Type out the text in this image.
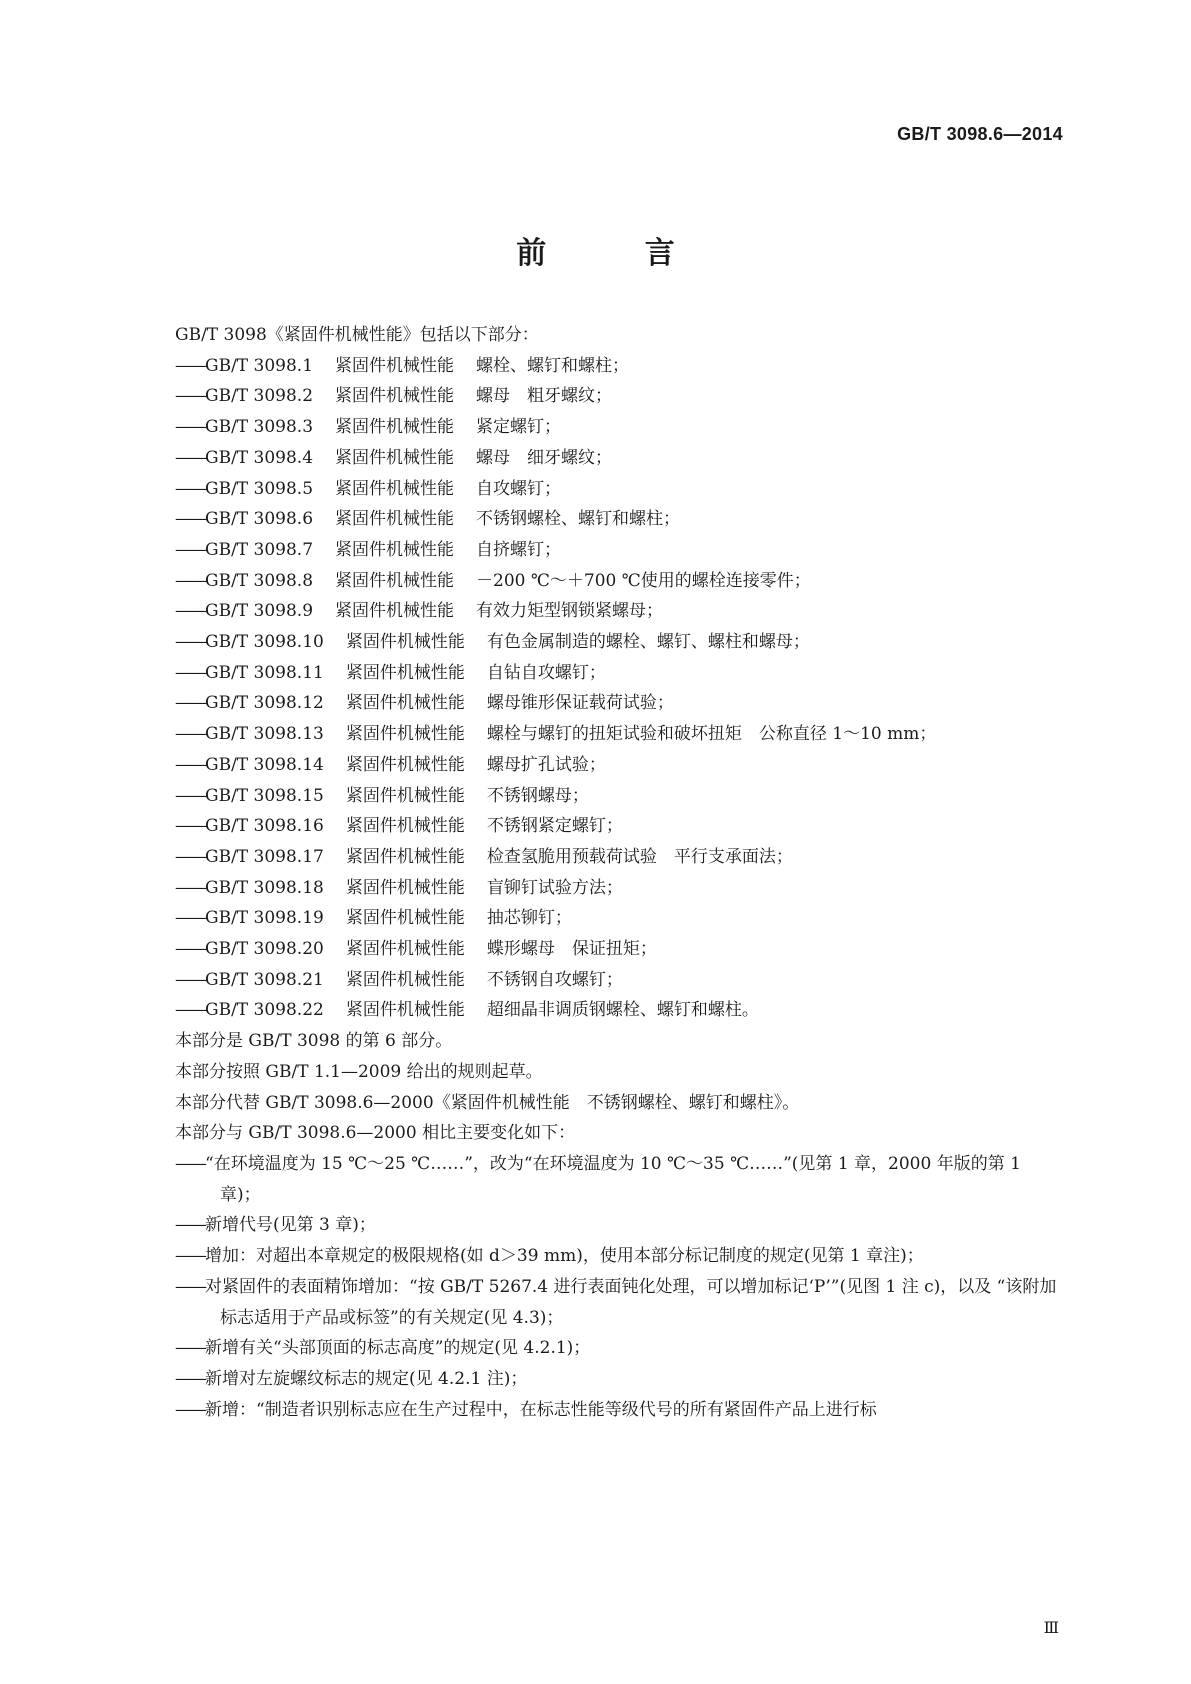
GB/T 3098.6—2014
前 言
GB/T 3098《紧固件机械性能》包括以下部分：
——GB/T 3098.1 紧固件机械性能 螺栓、螺钉和螺柱；
——GB/T 3098.2 紧固件机械性能 螺母　粗牙螺纹；
——GB/T 3098.3 紧固件机械性能 紧定螺钉；
——GB/T 3098.4 紧固件机械性能 螺母　细牙螺纹；
——GB/T 3098.5 紧固件机械性能 自攻螺钉；
——GB/T 3098.6 紧固件机械性能 不锈钢螺栓、螺钉和螺柱；
——GB/T 3098.7 紧固件机械性能 自挤螺钉；
——GB/T 3098.8 紧固件机械性能 －200 ℃～＋700 ℃使用的螺栓连接零件；
——GB/T 3098.9 紧固件机械性能 有效力矩型钢锁紧螺母；
——GB/T 3098.10 紧固件机械性能 有色金属制造的螺栓、螺钉、螺柱和螺母；
——GB/T 3098.11 紧固件机械性能 自钻自攻螺钉；
——GB/T 3098.12 紧固件机械性能 螺母锥形保证载荷试验；
——GB/T 3098.13 紧固件机械性能 螺栓与螺钉的扭矩试验和破坏扭矩　公称直径 1～10 mm；
——GB/T 3098.14 紧固件机械性能 螺母扩孔试验；
——GB/T 3098.15 紧固件机械性能 不锈钢螺母；
——GB/T 3098.16 紧固件机械性能 不锈钢紧定螺钉；
——GB/T 3098.17 紧固件机械性能 检查氢脆用预载荷试验　平行支承面法；
——GB/T 3098.18 紧固件机械性能 盲铆钉试验方法；
——GB/T 3098.19 紧固件机械性能 抽芯铆钉；
——GB/T 3098.20 紧固件机械性能 蝶形螺母　保证扭矩；
——GB/T 3098.21 紧固件机械性能 不锈钢自攻螺钉；
——GB/T 3098.22 紧固件机械性能 超细晶非调质钢螺栓、螺钉和螺柱。
本部分是 GB/T 3098 的第 6 部分。
本部分按照 GB/T 1.1—2009 给出的规则起草。
本部分代替 GB/T 3098.6—2000《紧固件机械性能　不锈钢螺栓、螺钉和螺柱》。
本部分与 GB/T 3098.6—2000 相比主要变化如下：
——“在环境温度为 15 ℃～25 ℃……”，改为“在环境温度为 10 ℃～35 ℃……”(见第 1 章，2000 年版的第 1 章)；
——新增代号(见第 3 章)；
——增加：对超出本章规定的极限规格(如 d＞39 mm)，使用本部分标记制度的规定(见第 1 章注)；
——对紧固件的表面精饰增加：“按 GB/T 5267.4 进行表面钝化处理，可以增加标记‘P’”(见图 1 注 c)，以及 “该附加标志适用于产品或标签”的有关规定(见 4.3)；
——新增有关“头部顶面的标志高度”的规定(见 4.2.1)；
——新增对左旋螺纹标志的规定(见 4.2.1 注)；
——新增：“制造者识别标志应在生产过程中，在标志性能等级代号的所有紧固件产品上进行标
Ⅲ
